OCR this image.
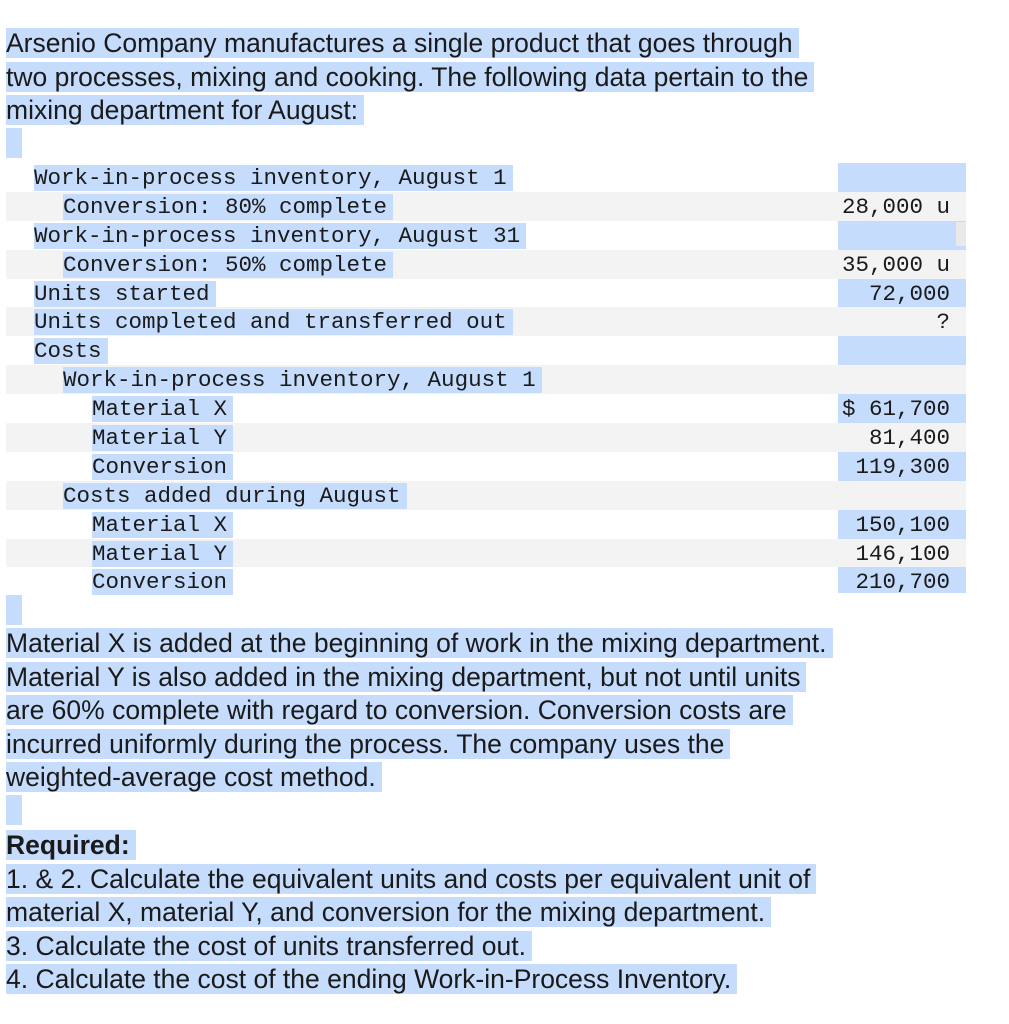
Arsenio Company manufactures a single product that goes through
two processes, mixing and cooking. The following data pertain to the
mixing department for August:
Work-in-process inventory, August 1
Conversion: 80% complete	28,000 u
Work-in-process inventory, August 31
Conversion: 50% complete	35,000 u
Units started	72,000
Units completed and transferred out	?
Costs
Work-in-process inventory, August 1
Material X	$ 61,700
Material Y	81,400
Conversion	119,300
Costs added during August
Material X	150,100
Material Y	146,100
Conversion	210,700
Material X is added at the beginning of work in the mixing department.
Material Y is also added in the mixing department, but not until units
are 60% complete with regard to conversion. Conversion costs are
incurred uniformly during the process. The company uses the
weighted-average cost method.
Required:
1. & 2. Calculate the equivalent units and costs per equivalent unit of
material X, material Y, and conversion for the mixing department.
3. Calculate the cost of units transferred out.
4. Calculate the cost of the ending Work-in-Process Inventory.
